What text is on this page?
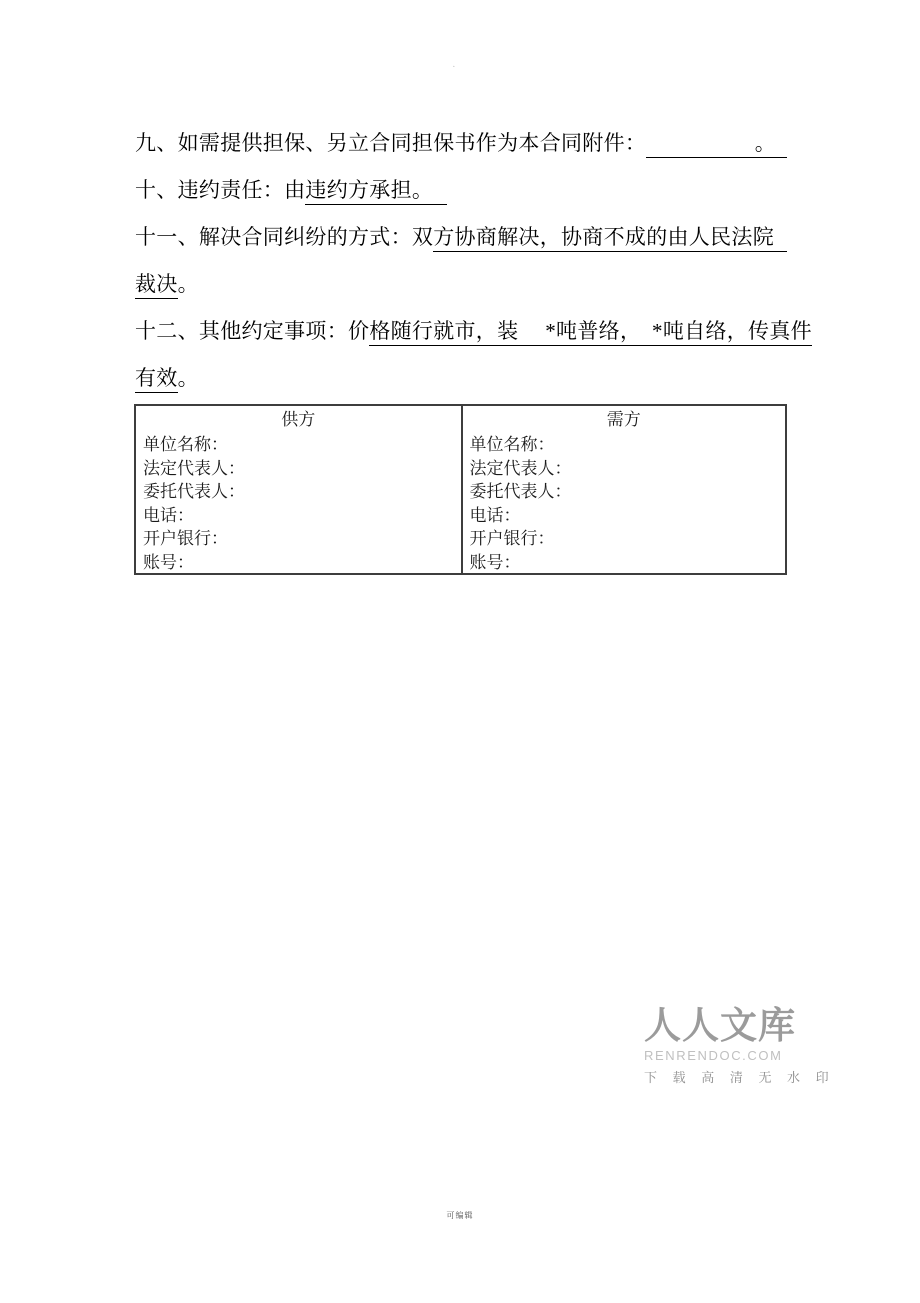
·

九、如需提供担保、另立合同担保书作为本合同附件：	。

十、违约责任：由 违约方承担。

十一、解决合同纠纷的方式：双 方协商解决，协商不成的由人民法院

裁决 。

十二、其他约定事项：价 格随行就市，装　 *吨普络，　*吨自络，传真件

有效 。

供方
单位名称：
法定代表人：
委托代表人：
电话：
开户银行：
账号：
需方
单位名称：
法定代表人：
委托代表人：
电话：
开户银行：
账号：
人人文库
RENRENDOC.COM
下 载 高 清 无 水 印
可编辑
